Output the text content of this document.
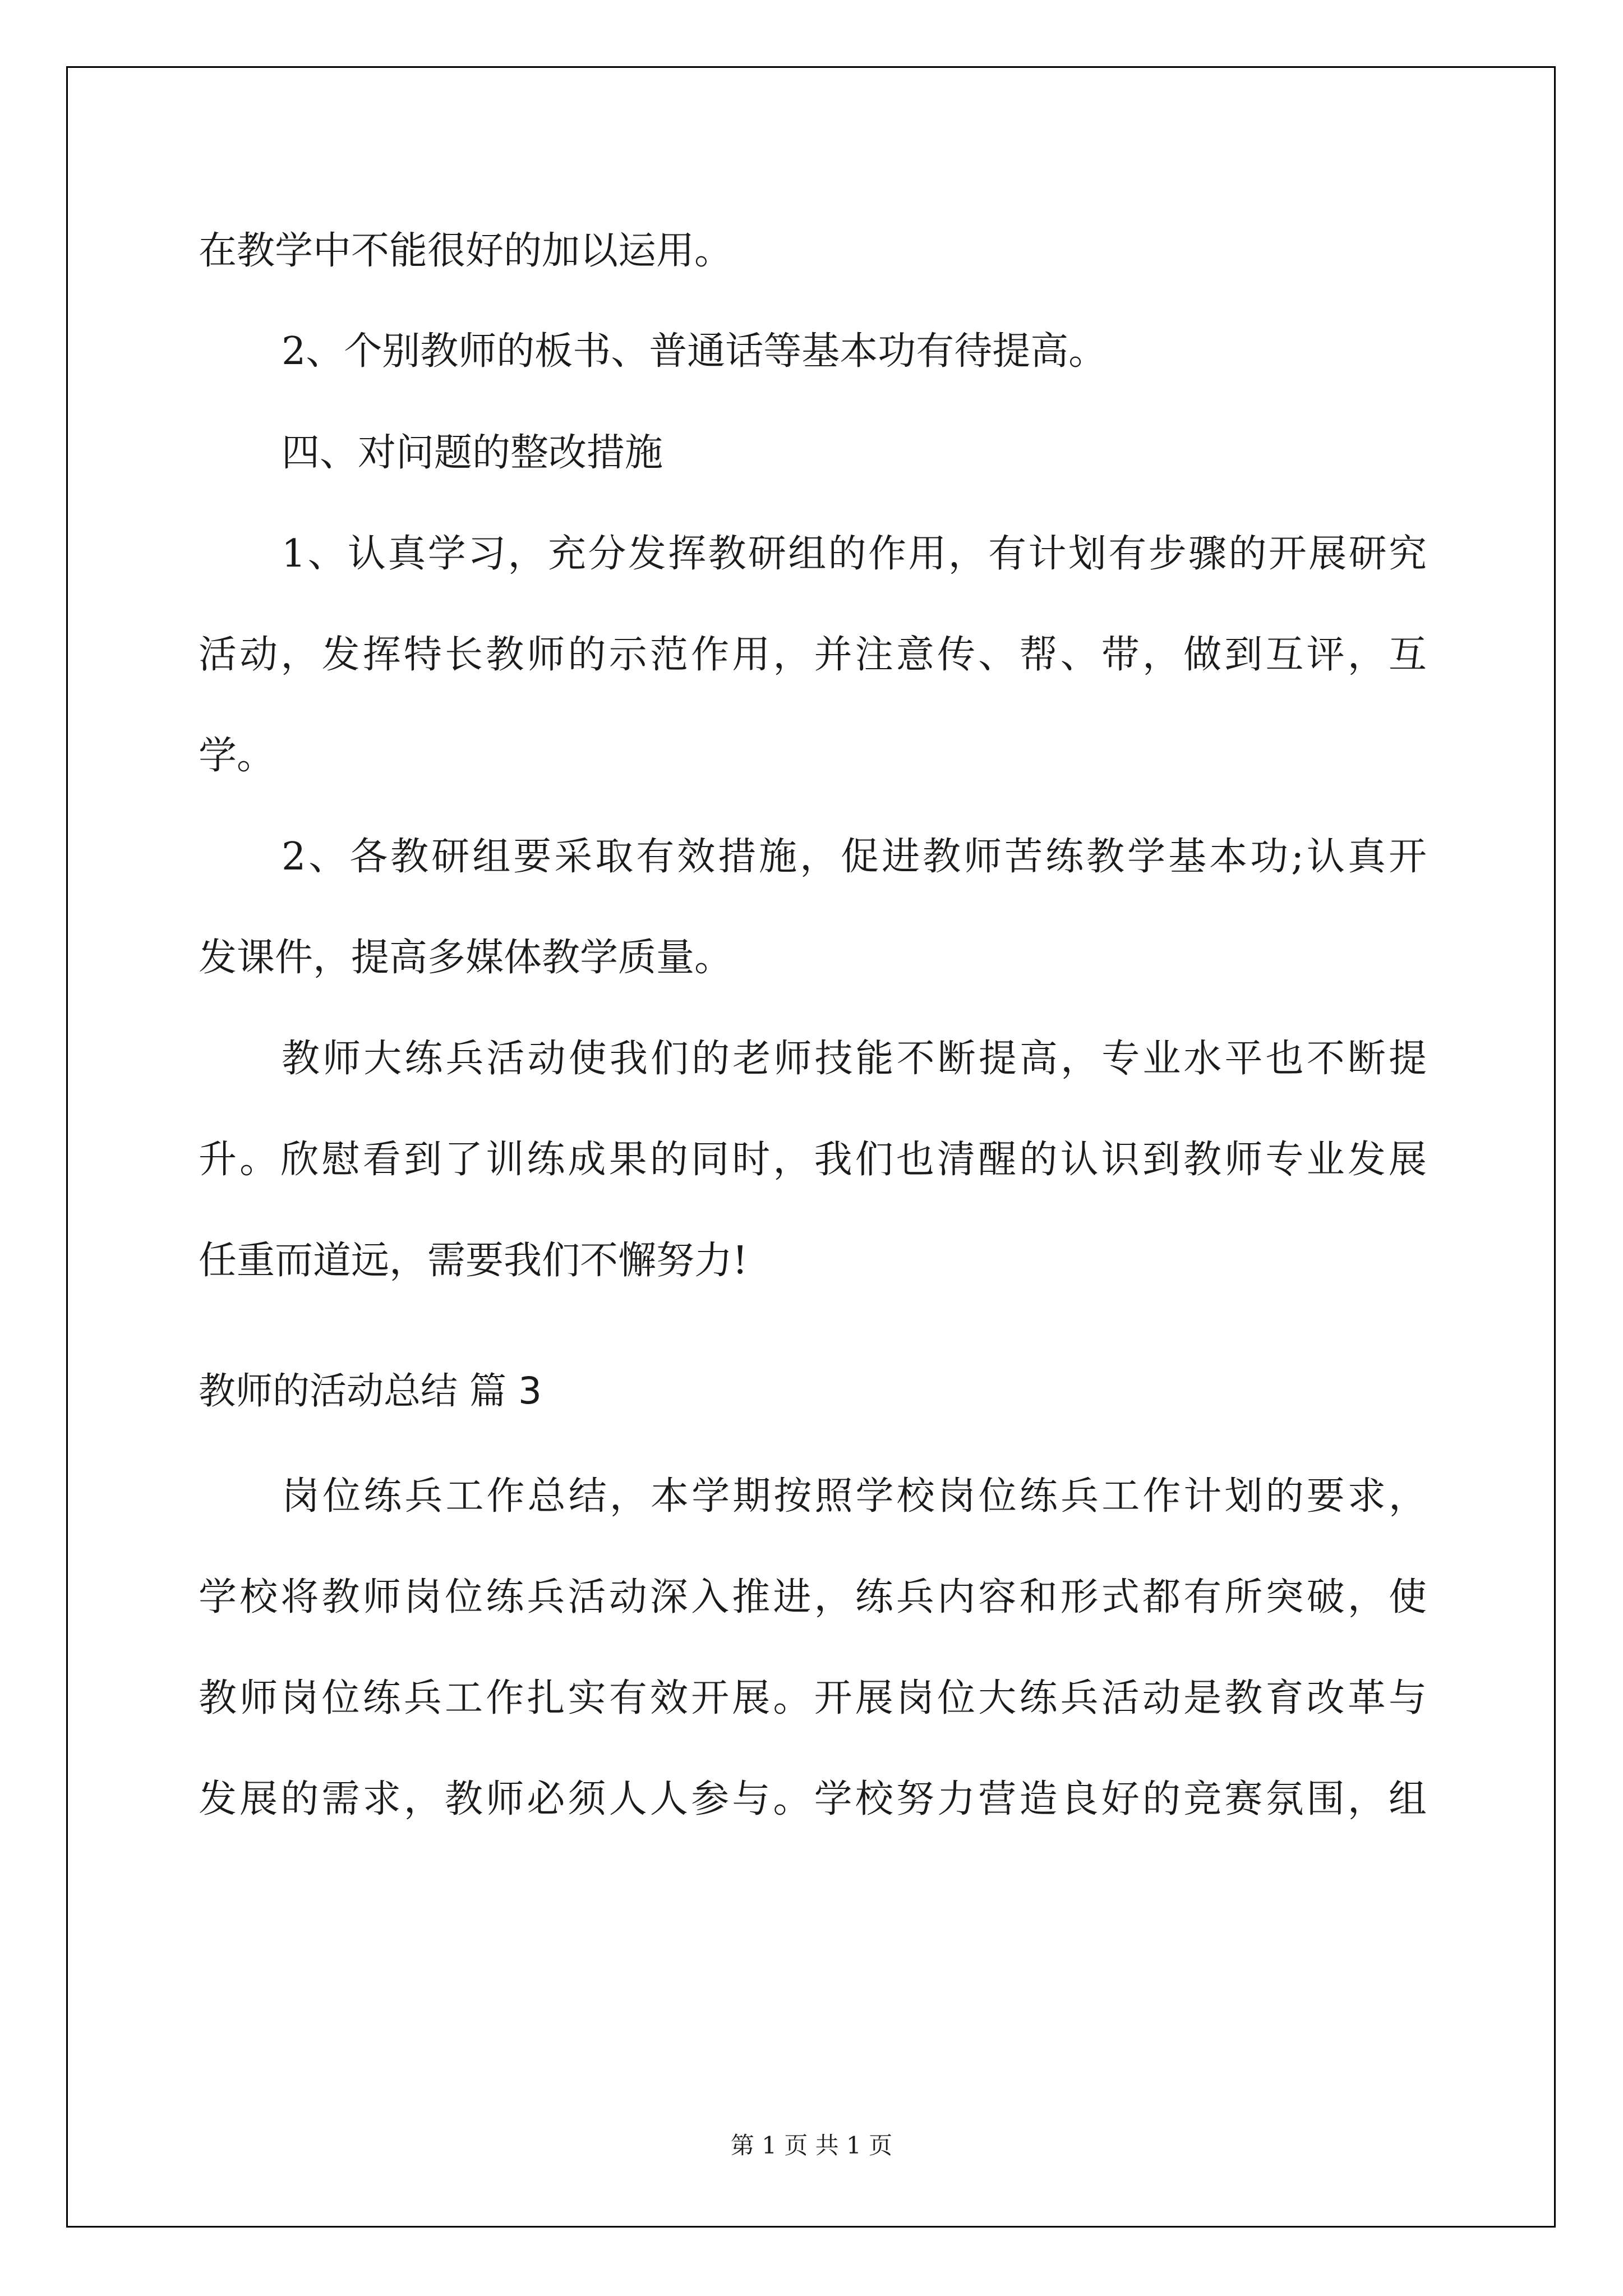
在教学中不能很好的加以运用。
2、个别教师的板书、普通话等基本功有待提高。
四、对问题的整改措施
1、认真学习，充分发挥教研组的作用，有计划有步骤的开展研究
活动，发挥特长教师的示范作用，并注意传、帮、带，做到互评，互
学。
2、各教研组要采取有效措施，促进教师苦练教学基本功;认真开
发课件，提高多媒体教学质量。
教师大练兵活动使我们的老师技能不断提高，专业水平也不断提
升。欣慰看到了训练成果的同时，我们也清醒的认识到教师专业发展
任重而道远，需要我们不懈努力!
教师的活动总结 篇 3
岗位练兵工作总结，本学期按照学校岗位练兵工作计划的要求，
学校将教师岗位练兵活动深入推进，练兵内容和形式都有所突破，使
教师岗位练兵工作扎实有效开展。开展岗位大练兵活动是教育改革与
发展的需求，教师必须人人参与。学校努力营造良好的竞赛氛围，组
第 1 页 共 1 页
